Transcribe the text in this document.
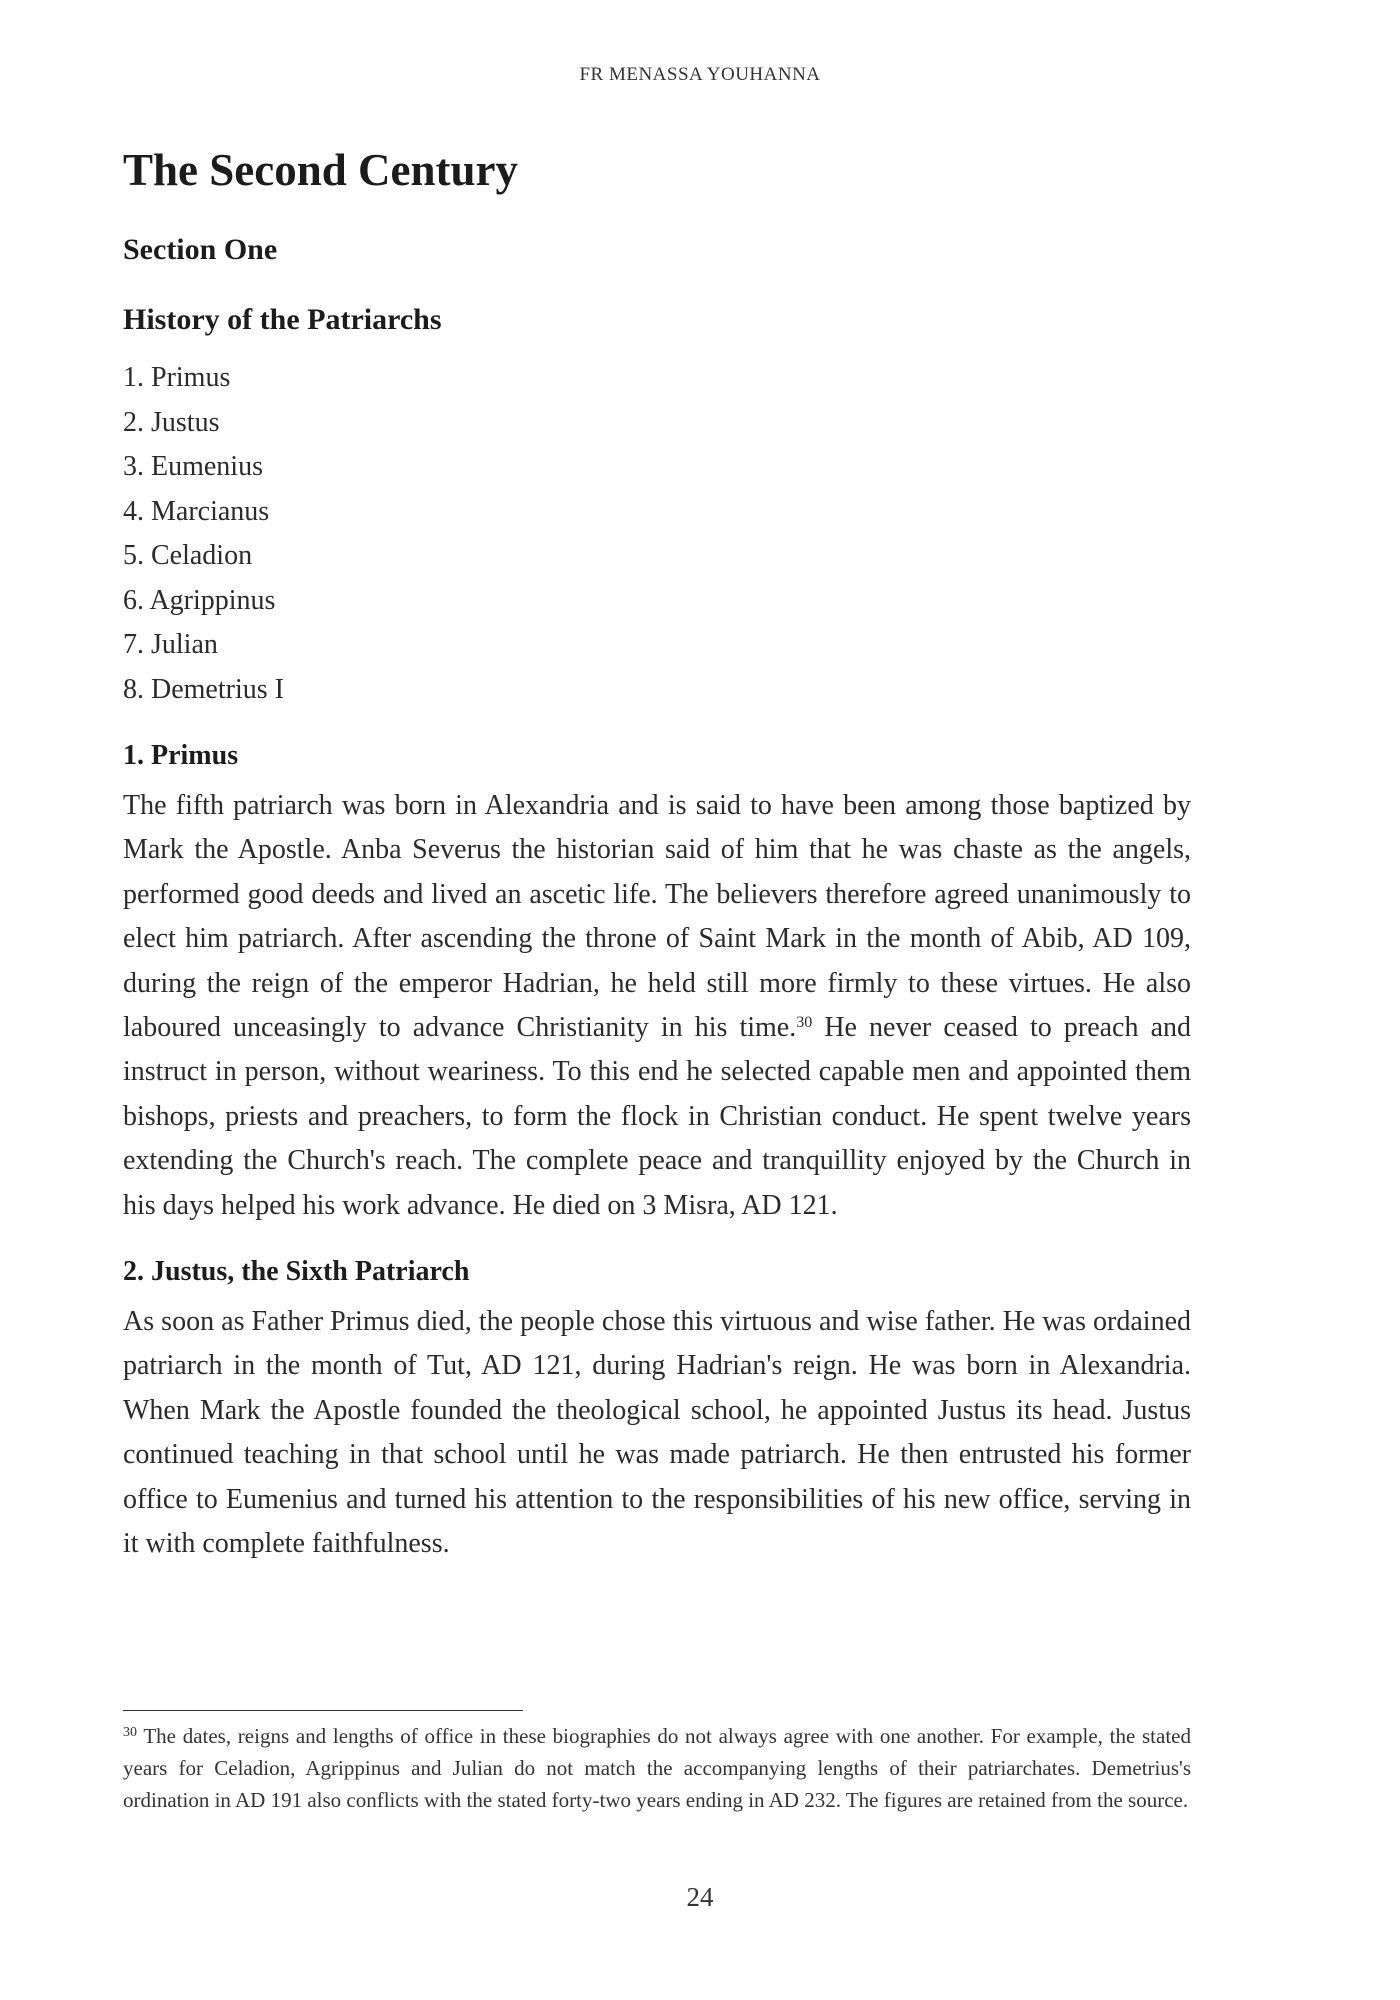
FR MENASSA YOUHANNA
The Second Century
Section One
History of the Patriarchs
1. Primus
2. Justus
3. Eumenius
4. Marcianus
5. Celadion
6. Agrippinus
7. Julian
8. Demetrius I
1. Primus

The fifth patriarch was born in Alexandria and is said to have been among those baptized by Mark the Apostle. Anba Severus the historian said of him that he was chaste as the angels, performed good deeds and lived an ascetic life. The believers therefore agreed unanimously to elect him patriarch. After ascending the throne of Saint Mark in the month of Abib, AD 109, during the reign of the emperor Hadrian, he held still more firmly to these virtues. He also laboured unceasingly to advance Christianity in his time.$^{30}$ He never ceased to preach and instruct in person, without weariness. To this end he selected capable men and appointed them bishops, priests and preachers, to form the flock in Christian conduct. He spent twelve years extending the Church's reach. The complete peace and tranquillity enjoyed by the Church in his days helped his work advance. He died on 3 Misra, AD 121.

2. Justus, the Sixth Patriarch

As soon as Father Primus died, the people chose this virtuous and wise father. He was ordained patriarch in the month of Tut, AD 121, during Hadrian's reign. He was born in Alexandria. When Mark the Apostle founded the theological school, he appointed Justus its head. Justus continued teaching in that school until he was made patriarch. He then entrusted his former office to Eumenius and turned his attention to the responsibilities of his new office, serving in it with complete faithfulness.

$^{30}$ The dates, reigns and lengths of office in these biographies do not always agree with one another. For example, the stated years for Celadion, Agrippinus and Julian do not match the accompanying lengths of their patriarchates. Demetrius's ordination in AD 191 also conflicts with the stated forty-two years ending in AD 232. The figures are retained from the source.
24
